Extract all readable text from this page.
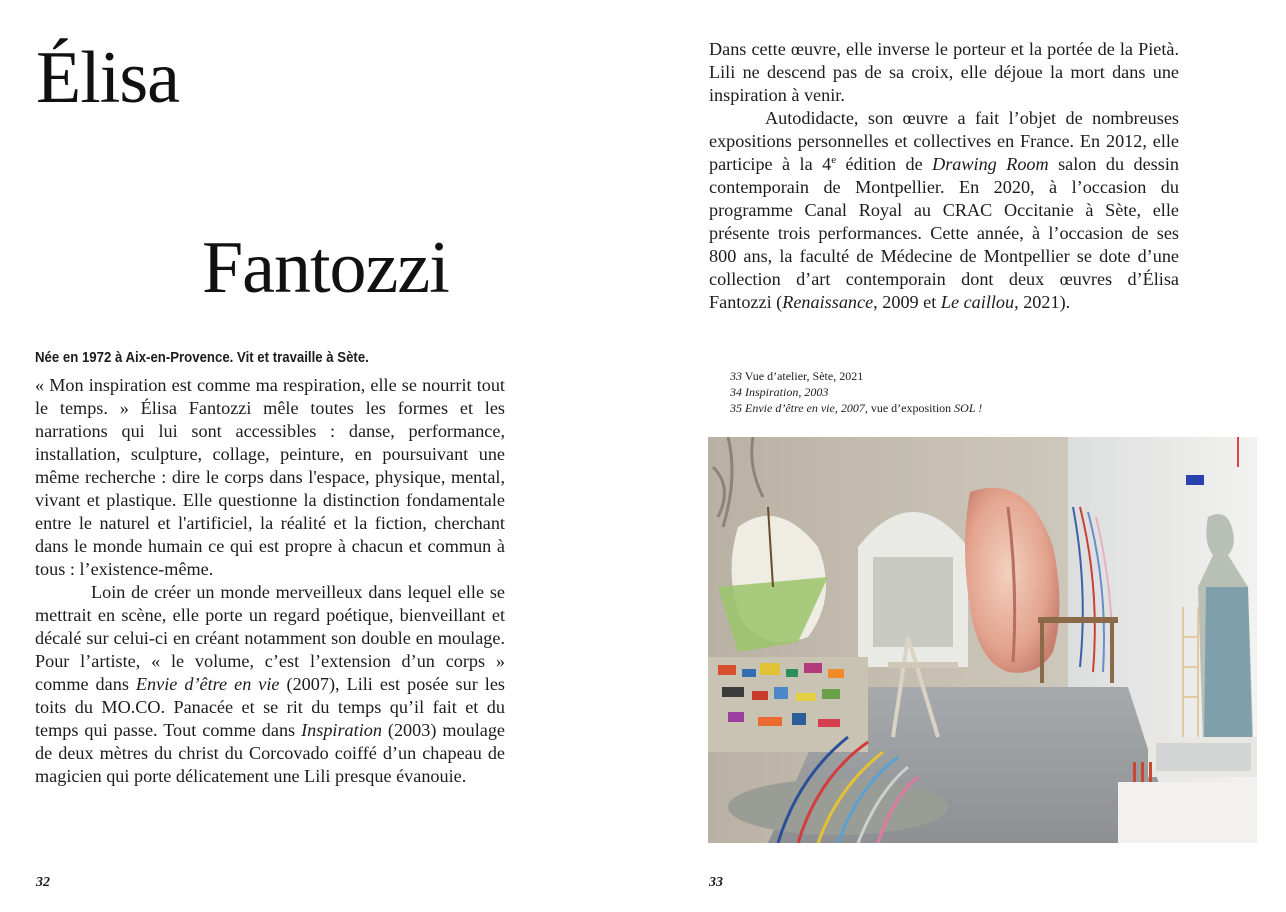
Élisa
Fantozzi

Née en 1972 à Aix-en-Provence. Vit et travaille à Sète.

« Mon inspiration est comme ma respiration, elle se nourrit tout le temps. » Élisa Fantozzi mêle toutes les formes et les narrations qui lui sont accessibles : danse, performance, installation, sculpture, collage, peinture, en poursuivant une même recherche : dire le corps dans l'espace, physique, mental, vivant et plastique. Elle questionne la distinction fondamentale entre le naturel et l'artificiel, la réalité et la fiction, cherchant dans le monde humain ce qui est propre à chacun et commun à tous : l’existence-même.

Loin de créer un monde merveilleux dans lequel elle se mettrait en scène, elle porte un regard poétique, bienveillant et décalé sur celui-ci en créant notamment son double en moulage. Pour l’artiste, « le volume, c’est l’extension d’un corps » comme dans Envie d’être en vie (2007), Lili est posée sur les toits du MO.CO. Panacée et se rit du temps qu’il fait et du temps qui passe. Tout comme dans Inspiration (2003) moulage de deux mètres du christ du Corcovado coiffé d’un chapeau de magicien qui porte délicatement une Lili presque évanouie.

Dans cette œuvre, elle inverse le porteur et la portée de la Pietà. Lili ne descend pas de sa croix, elle déjoue la mort dans une inspiration à venir.

Autodidacte, son œuvre a fait l’objet de nombreuses expositions personnelles et collectives en France. En 2012, elle participe à la 4e édition de Drawing Room salon du dessin contemporain de Montpellier. En 2020, à l’occasion du programme Canal Royal au CRAC Occitanie à Sète, elle présente trois performances. Cette année, à l’occasion de ses 800 ans, la faculté de Médecine de Montpellier se dote d’une collection d’art contemporain dont deux œuvres d’Élisa Fantozzi (Renaissance, 2009 et Le caillou, 2021).

33 Vue d’atelier, Sète, 2021
34 Inspiration, 2003
35 Envie d’être en vie, 2007, vue d’exposition SOL !

32	33
